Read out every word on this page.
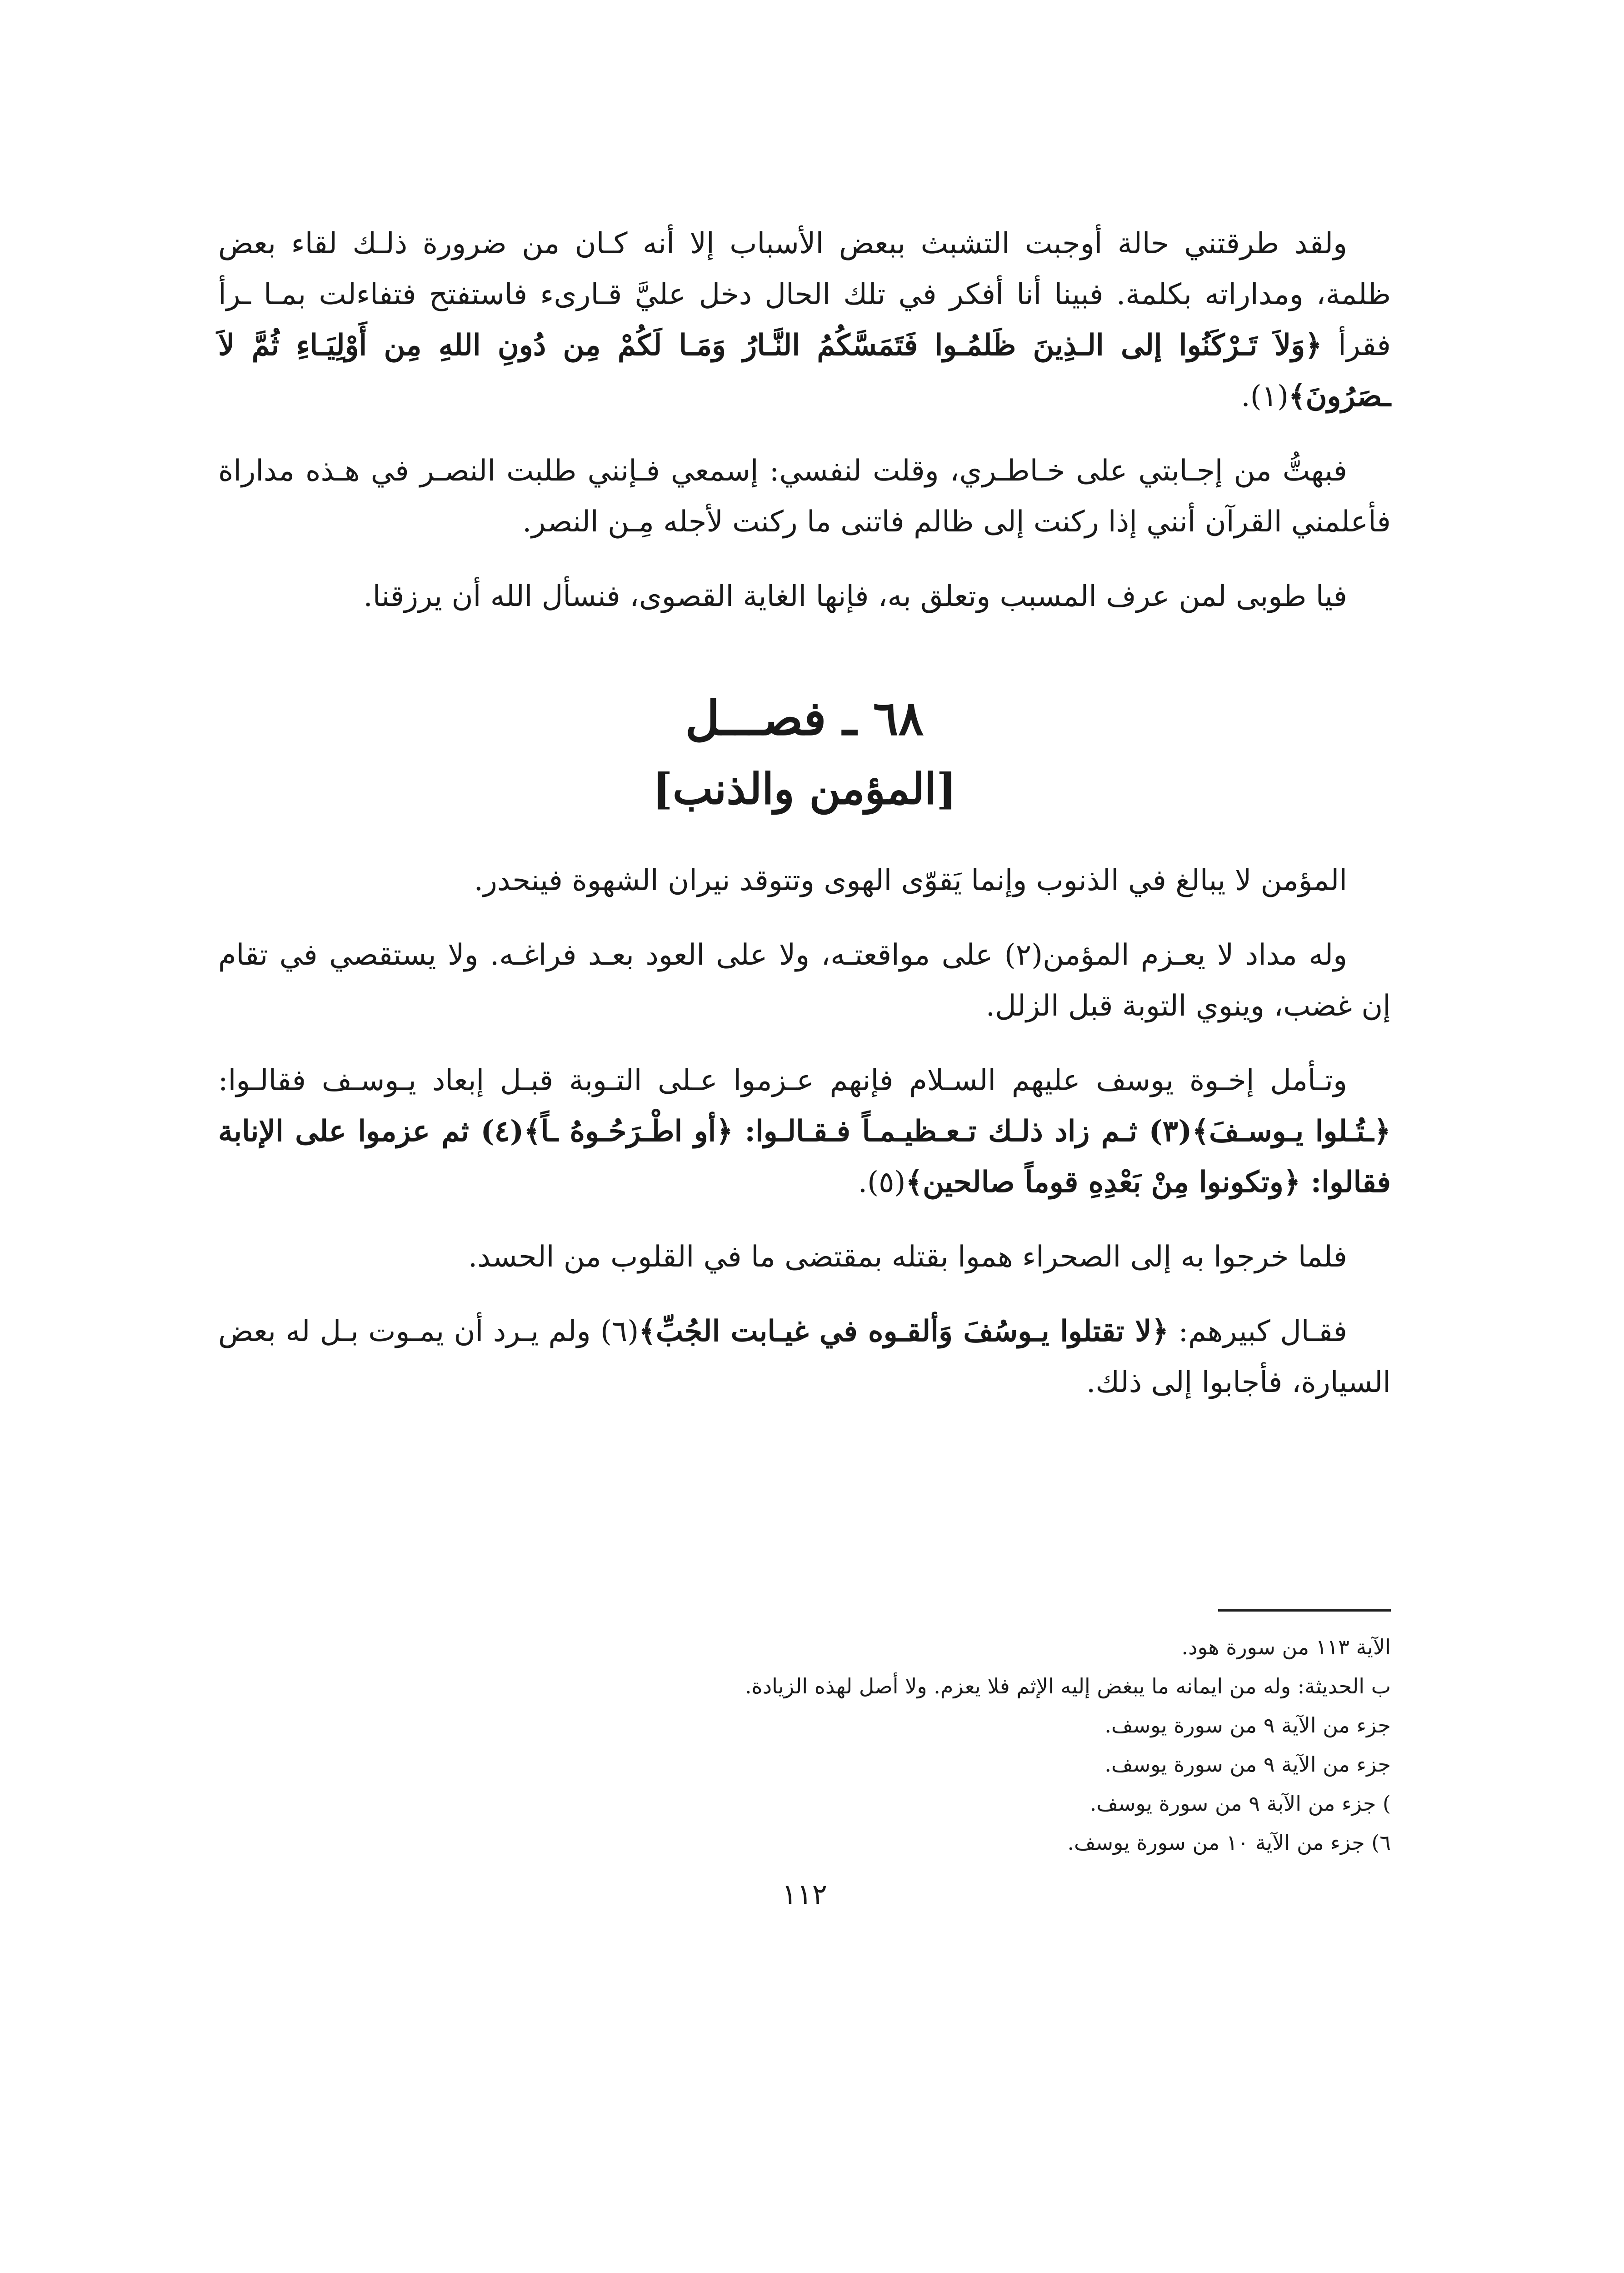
ولقد طرقتني حالة أوجبت التشبث ببعض الأسباب إلا أنه كـان من ضرورة ذلـك لقاء بعض ظلمة، ومداراته بكلمة. فبينا أنا أفكر في تلك الحال دخل عليَّ قـارىء فاستفتح فتفاءلت بمـا ـرأ فقرأ ﴿وَلاَ تَـرْكَنُوا إلى الـذِينَ ظَلمُـوا فَتَمَسَّكُمُ النَّـارُ وَمَـا لَكُمْ مِن دُونِ اللهِ مِن أَوْلِيَـاءِ ثُمَّ لاَ ـصَرُونَ﴾(١).

فبهتُّ من إجـابتي على خـاطـري، وقلت لنفسي: إسمعي فـإنني طلبت النصـر في هـذه مداراة فأعلمني القرآن أنني إذا ركنت إلى ظالم فاتنى ما ركنت لأجله مِـن النصر.

فيا طوبى لمن عرف المسبب وتعلق به، فإنها الغاية القصوى، فنسأل الله أن يرزقنا.

٦٨ ـ فصـــل
[المؤمن والذنب]

المؤمن لا يبالغ في الذنوب وإنما يَقوّى الهوى وتتوقد نيران الشهوة فينحدر.

وله مداد لا يعـزم المؤمن(٢) على مواقعتـه، ولا على العود بعـد فراغـه. ولا يستقصي في تقام إن غضب، وينوي التوبة قبل الزلل.

وتـأمل إخـوة يوسف عليهم السـلام فإنهم عـزموا عـلى التـوبة قبـل إبعاد يـوسـف فقالـوا: ﴿ـتُـلوا يـوسـفَ﴾(٣) ثـم زاد ذلـك تـعـظيـمـاً فـقـالـوا: ﴿أو اطْـرَحُـوهُ ـاً﴾(٤) ثم عزموا على الإنابة فقالوا: ﴿وتكونوا مِنْ بَعْدِهِ قوماً صالحين﴾(٥).

فلما خرجوا به إلى الصحراء هموا بقتله بمقتضى ما في القلوب من الحسد.

فقـال كبيرهم: ﴿لا تقتلوا يـوسُفَ وَألقـوه في غيـابت الجُبِّ﴾(٦) ولم يـرد أن يمـوت بـل له بعض السيارة، فأجابوا إلى ذلك.

الآية ١١٣ من سورة هود.

ب الحديثة: وله من ايمانه ما يبغض إليه الإثم فلا يعزم. ولا أصل لهذه الزيادة.

جزء من الآية ٩ من سورة يوسف.

جزء من الآية ٩ من سورة يوسف.

) جزء من الآبة ٩ من سورة يوسف.

٦) جزء من الآية ١٠ من سورة يوسف.

١١٢
